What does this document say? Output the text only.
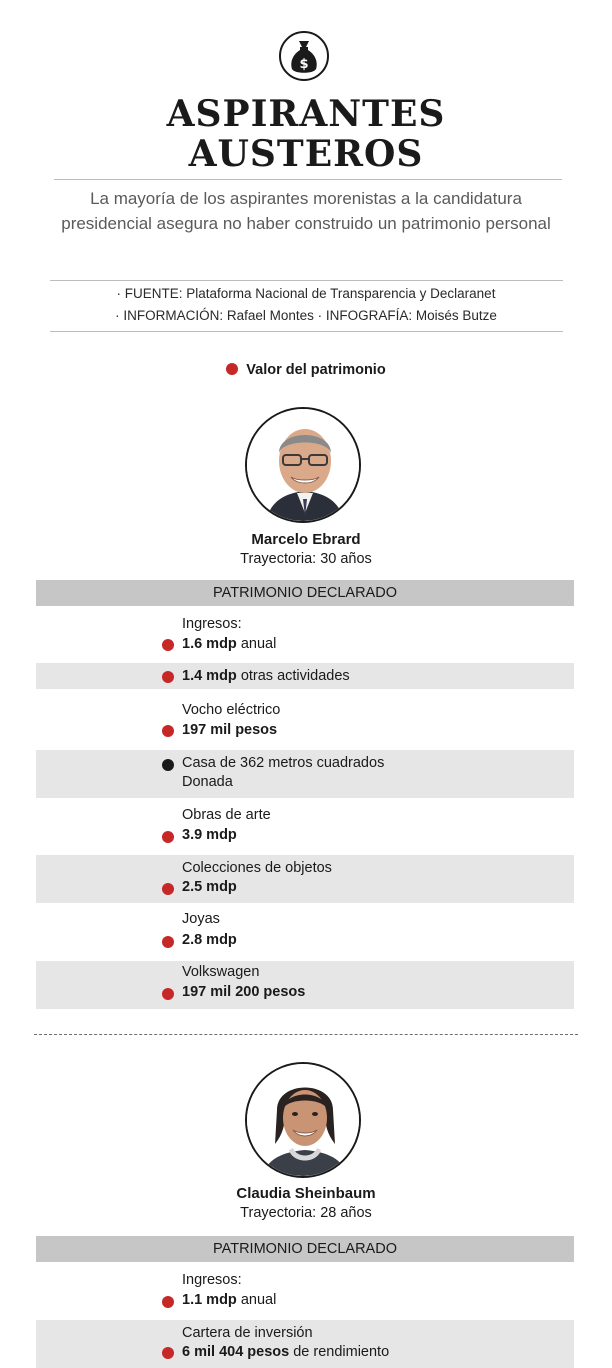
$
ASPIRANTES
AUSTEROS
La mayoría de los aspirantes morenistas a la candidatura presidencial asegura no haber construido un patrimonio personal
· FUENTE: Plataforma Nacional de Transparencia y Declaranet
· INFORMACIÓN: Rafael Montes · INFOGRAFÍA: Moisés Butze
Valor del patrimonio
Marcelo Ebrard
Trayectoria: 30 años
PATRIMONIO DECLARADO
Ingresos:
1.6 mdp anual
1.4 mdp otras actividades
Vocho eléctrico
197 mil pesos
Casa de 362 metros cuadrados
Donada
Obras de arte
3.9 mdp
Colecciones de objetos
2.5 mdp
Joyas
2.8 mdp
Volkswagen
197 mil 200 pesos
Claudia Sheinbaum
Trayectoria: 28 años
PATRIMONIO DECLARADO
Ingresos:
1.1 mdp anual
Cartera de inversión
6 mil 404 pesos de rendimiento
